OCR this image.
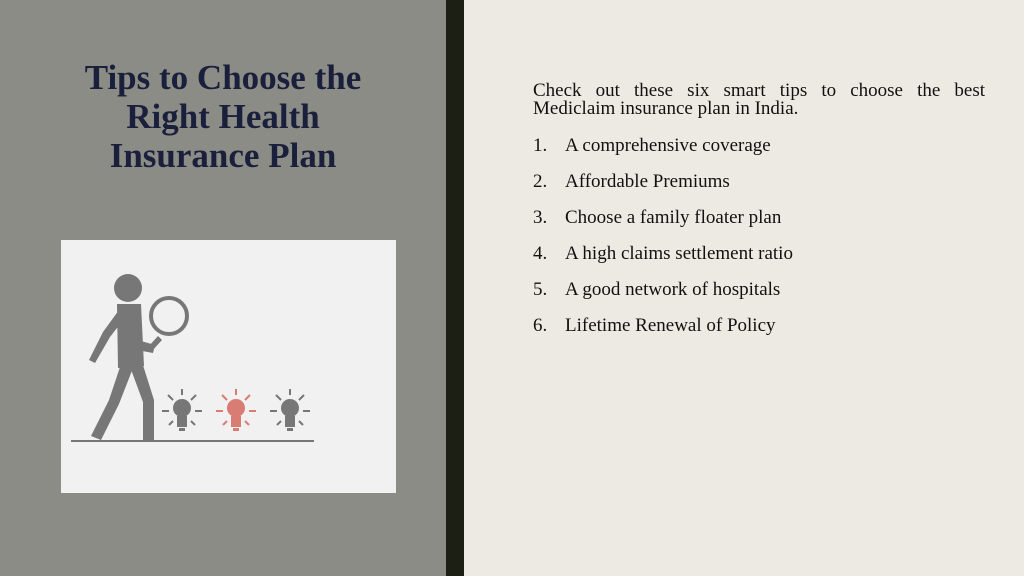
Tips to Choose the
Right Health
Insurance Plan

Check out these six smart tips to choose the best Mediclaim insurance plan in India.

1. A comprehensive coverage
2. Affordable Premiums
3. Choose a family floater plan
4. A high claims settlement ratio
5. A good network of hospitals
6. Lifetime Renewal of Policy
